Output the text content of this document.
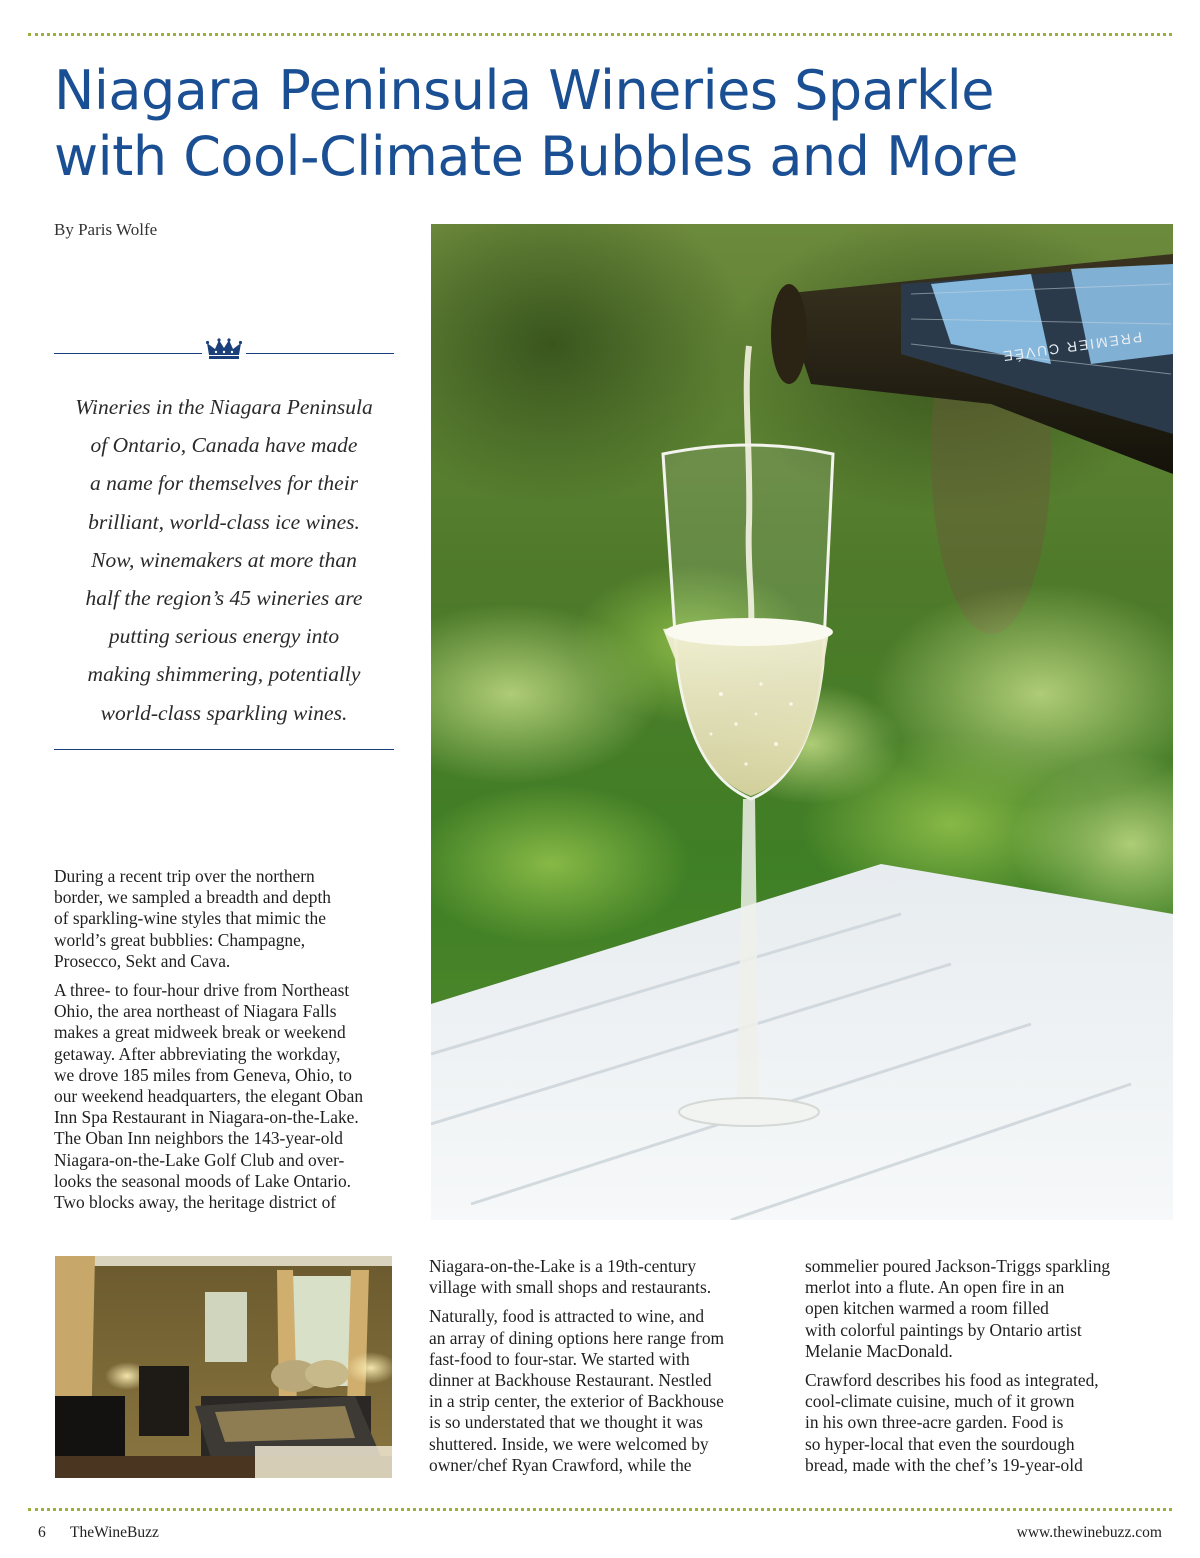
Niagara Peninsula Wineries Sparkle
with Cool-Climate Bubbles and More
By Paris Wolfe
Wineries in the Niagara Peninsula
of Ontario, Canada have made
a name for themselves for their
brilliant, world-class ice wines.
Now, winemakers at more than
half the region’s 45 wineries are
putting serious energy into
making shimmering, potentially
world-class sparkling wines.
PREMIER CUVÉE

During a recent trip over the northern
border, we sampled a breadth and depth
of sparkling-wine styles that mimic the
world’s great bubblies: Champagne,
Prosecco, Sekt and Cava.

A three- to four-hour drive from Northeast
Ohio, the area northeast of Niagara Falls
makes a great midweek break or weekend
getaway. After abbreviating the workday,
we drove 185 miles from Geneva, Ohio, to
our weekend headquarters, the elegant Oban
Inn Spa Restaurant in Niagara-on-the-Lake.
The Oban Inn neighbors the 143-year-old
Niagara-on-the-Lake Golf Club and over-
looks the seasonal moods of Lake Ontario.
Two blocks away, the heritage district of

Niagara-on-the-Lake is a 19th-century
village with small shops and restaurants.

Naturally, food is attracted to wine, and
an array of dining options here range from
fast-food to four-star. We started with
dinner at Backhouse Restaurant. Nestled
in a strip center, the exterior of Backhouse
is so understated that we thought it was
shuttered. Inside, we were welcomed by
owner/chef Ryan Crawford, while the

sommelier poured Jackson-Triggs sparkling
merlot into a flute. An open fire in an
open kitchen warmed a room filled
with colorful paintings by Ontario artist
Melanie MacDonald.

Crawford describes his food as integrated,
cool-climate cuisine, much of it grown
in his own three-acre garden. Food is
so hyper-local that even the sourdough
bread, made with the chef’s 19-year-old

6 TheWineBuzz	www.thewinebuzz.com
